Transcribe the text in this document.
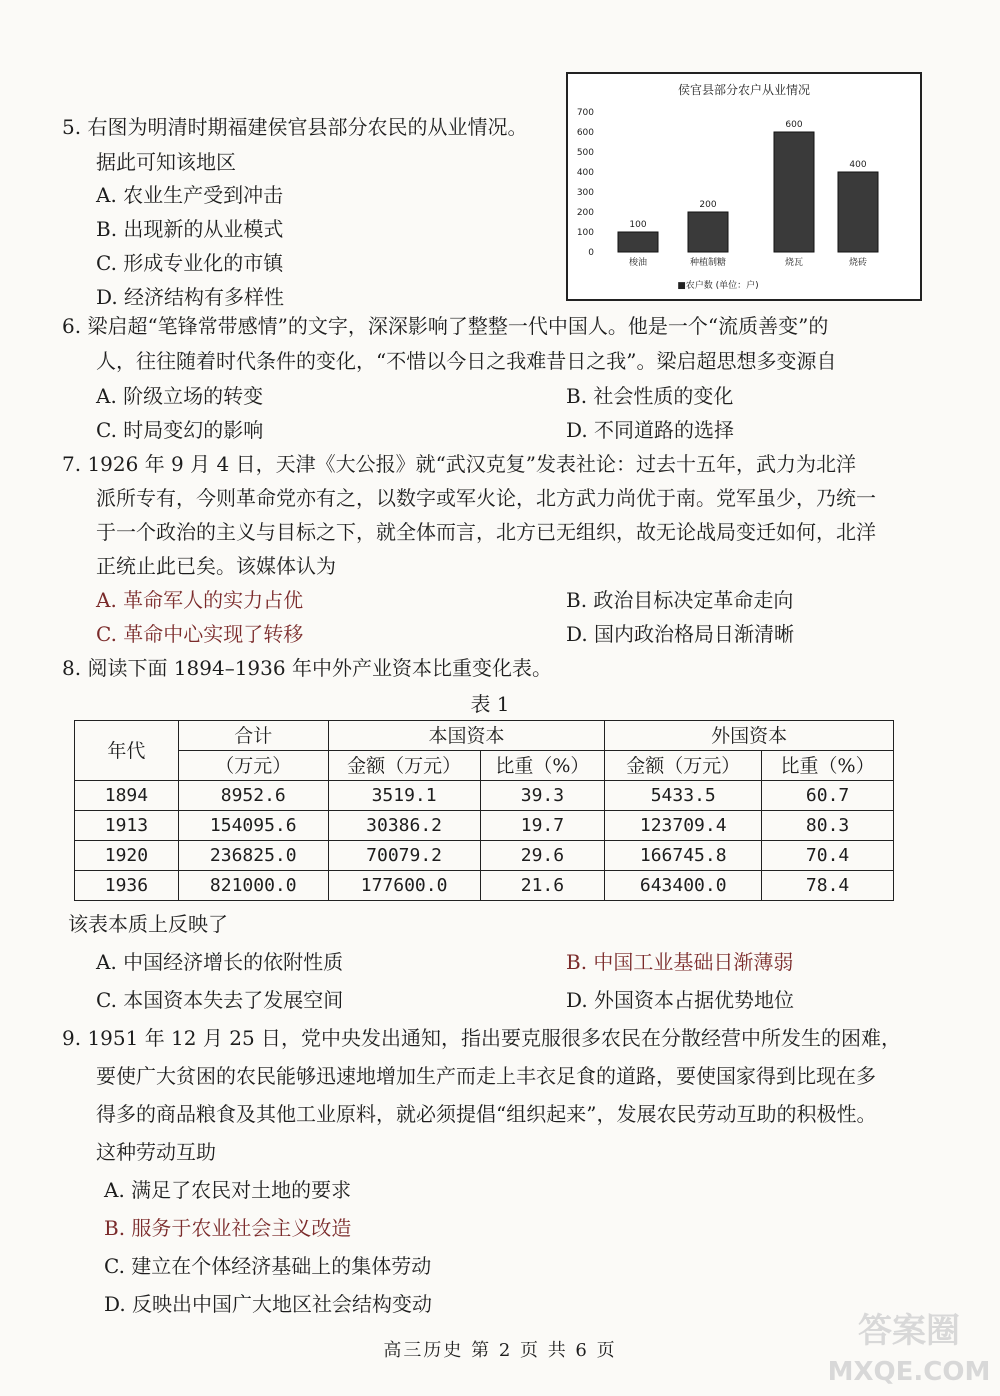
5. 右图为明清时期福建侯官县部分农民的从业情况。
据此可知该地区
A. 农业生产受到冲击
B. 出现新的从业模式
C. 形成专业化的市镇
D. 经济结构有多样性
侯官县部分农户从业情况
700
600
500
400
300
200
100
0
100
200
600
400
梭油	种植制糖	烧瓦	烧砖
■农户数 (单位：户)
6. 梁启超“笔锋常带感情”的文字，深深影响了整整一代中国人。他是一个“流质善变”的
人，往往随着时代条件的变化，“不惜以今日之我难昔日之我”。梁启超思想多变源自
A. 阶级立场的转变	B. 社会性质的变化
C. 时局变幻的影响	D. 不同道路的选择
7. 1926 年 9 月 4 日，天津《大公报》就“武汉克复”发表社论：过去十五年，武力为北洋
派所专有，今则革命党亦有之，以数字或军火论，北方武力尚优于南。党军虽少，乃统一
于一个政治的主义与目标之下，就全体而言，北方已无组织，故无论战局变迁如何，北洋
正统止此已矣。该媒体认为
A. 革命军人的实力占优	B. 政治目标决定革命走向
C. 革命中心实现了转移	D. 国内政治格局日渐清晰
8. 阅读下面 1894–1936 年中外产业资本比重变化表。
表 1
年代	合计	本国资本		外国资本	
	（万元）	金额（万元）	比重（%）	金额（万元）	比重（%）
1894	8952.6	3519.1	39.3	5433.5	60.7
1913	154095.6	30386.2	19.7	123709.4	80.3
1920	236825.0	70079.2	29.6	166745.8	70.4
1936	821000.0	177600.0	21.6	643400.0	78.4
该表本质上反映了
A. 中国经济增长的依附性质	B. 中国工业基础日渐薄弱
C. 本国资本失去了发展空间	D. 外国资本占据优势地位
9. 1951 年 12 月 25 日，党中央发出通知，指出要克服很多农民在分散经营中所发生的困难，
要使广大贫困的农民能够迅速地增加生产而走上丰衣足食的道路，要使国家得到比现在多
得多的商品粮食及其他工业原料，就必须提倡“组织起来”，发展农民劳动互助的积极性。
这种劳动互助
A. 满足了农民对土地的要求
B. 服务于农业社会主义改造
C. 建立在个体经济基础上的集体劳动
D. 反映出中国广大地区社会结构变动
高三历史 第 2 页 共 6 页	答案圈
MXQE.COM
